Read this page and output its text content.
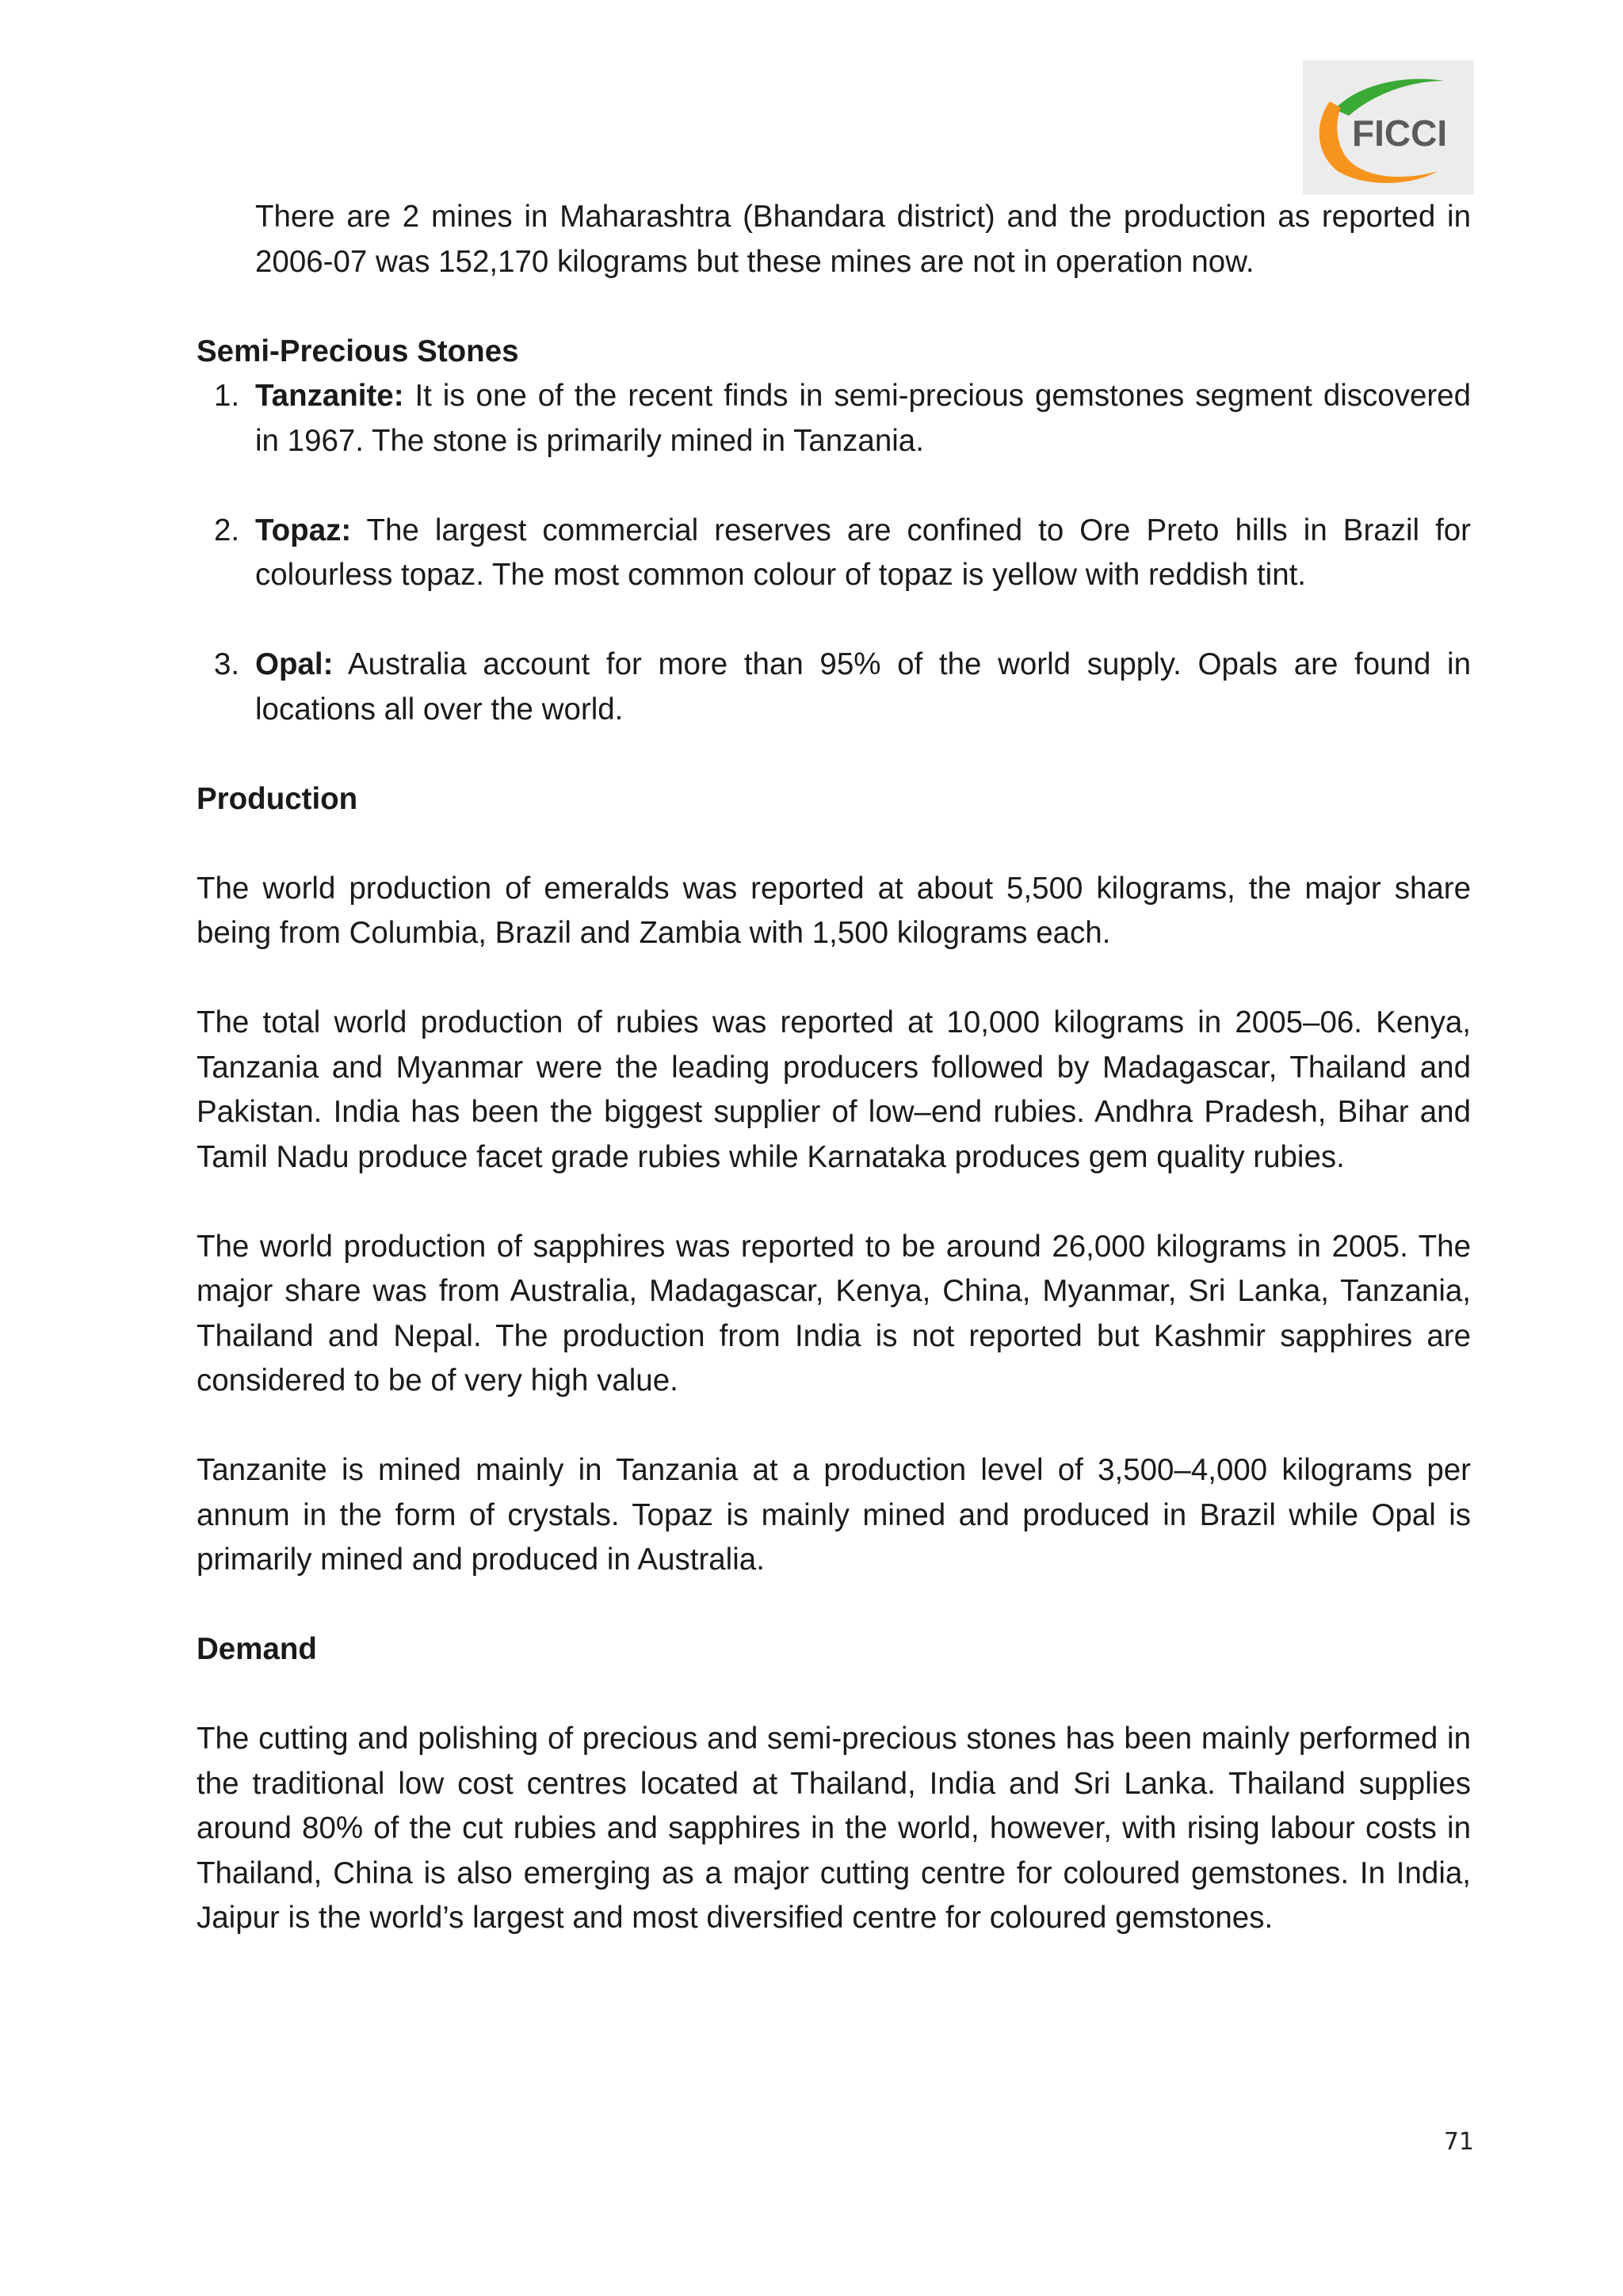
FICCI

There are 2 mines in Maharashtra (Bhandara district) and the production as reported in 2006-07 was 152,170 kilograms but these mines are not in operation now.

Semi-Precious Stones

1. Tanzanite: It is one of the recent finds in semi-precious gemstones segment discovered in 1967. The stone is primarily mined in Tanzania.
2. Topaz: The largest commercial reserves are confined to Ore Preto hills in Brazil for colourless topaz. The most common colour of topaz is yellow with reddish tint.
3. Opal: Australia account for more than 95% of the world supply. Opals are found in locations all over the world.

Production

The world production of emeralds was reported at about 5,500 kilograms, the major share being from Columbia, Brazil and Zambia with 1,500 kilograms each.

The total world production of rubies was reported at 10,000 kilograms in 2005–06. Kenya, Tanzania and Myanmar were the leading producers followed by Madagascar, Thailand and Pakistan. India has been the biggest supplier of low–end rubies. Andhra Pradesh, Bihar and Tamil Nadu produce facet grade rubies while Karnataka produces gem quality rubies.

The world production of sapphires was reported to be around 26,000 kilograms in 2005. The major share was from Australia, Madagascar, Kenya, China, Myanmar, Sri Lanka, Tanzania, Thailand and Nepal. The production from India is not reported but Kashmir sapphires are considered to be of very high value.

Tanzanite is mined mainly in Tanzania at a production level of 3,500–4,000 kilograms per annum in the form of crystals. Topaz is mainly mined and produced in Brazil while Opal is primarily mined and produced in Australia.

Demand

The cutting and polishing of precious and semi-precious stones has been mainly performed in the traditional low cost centres located at Thailand, India and Sri Lanka. Thailand supplies around 80% of the cut rubies and sapphires in the world, however, with rising labour costs in Thailand, China is also emerging as a major cutting centre for coloured gemstones. In India, Jaipur is the world’s largest and most diversified centre for coloured gemstones.

71
